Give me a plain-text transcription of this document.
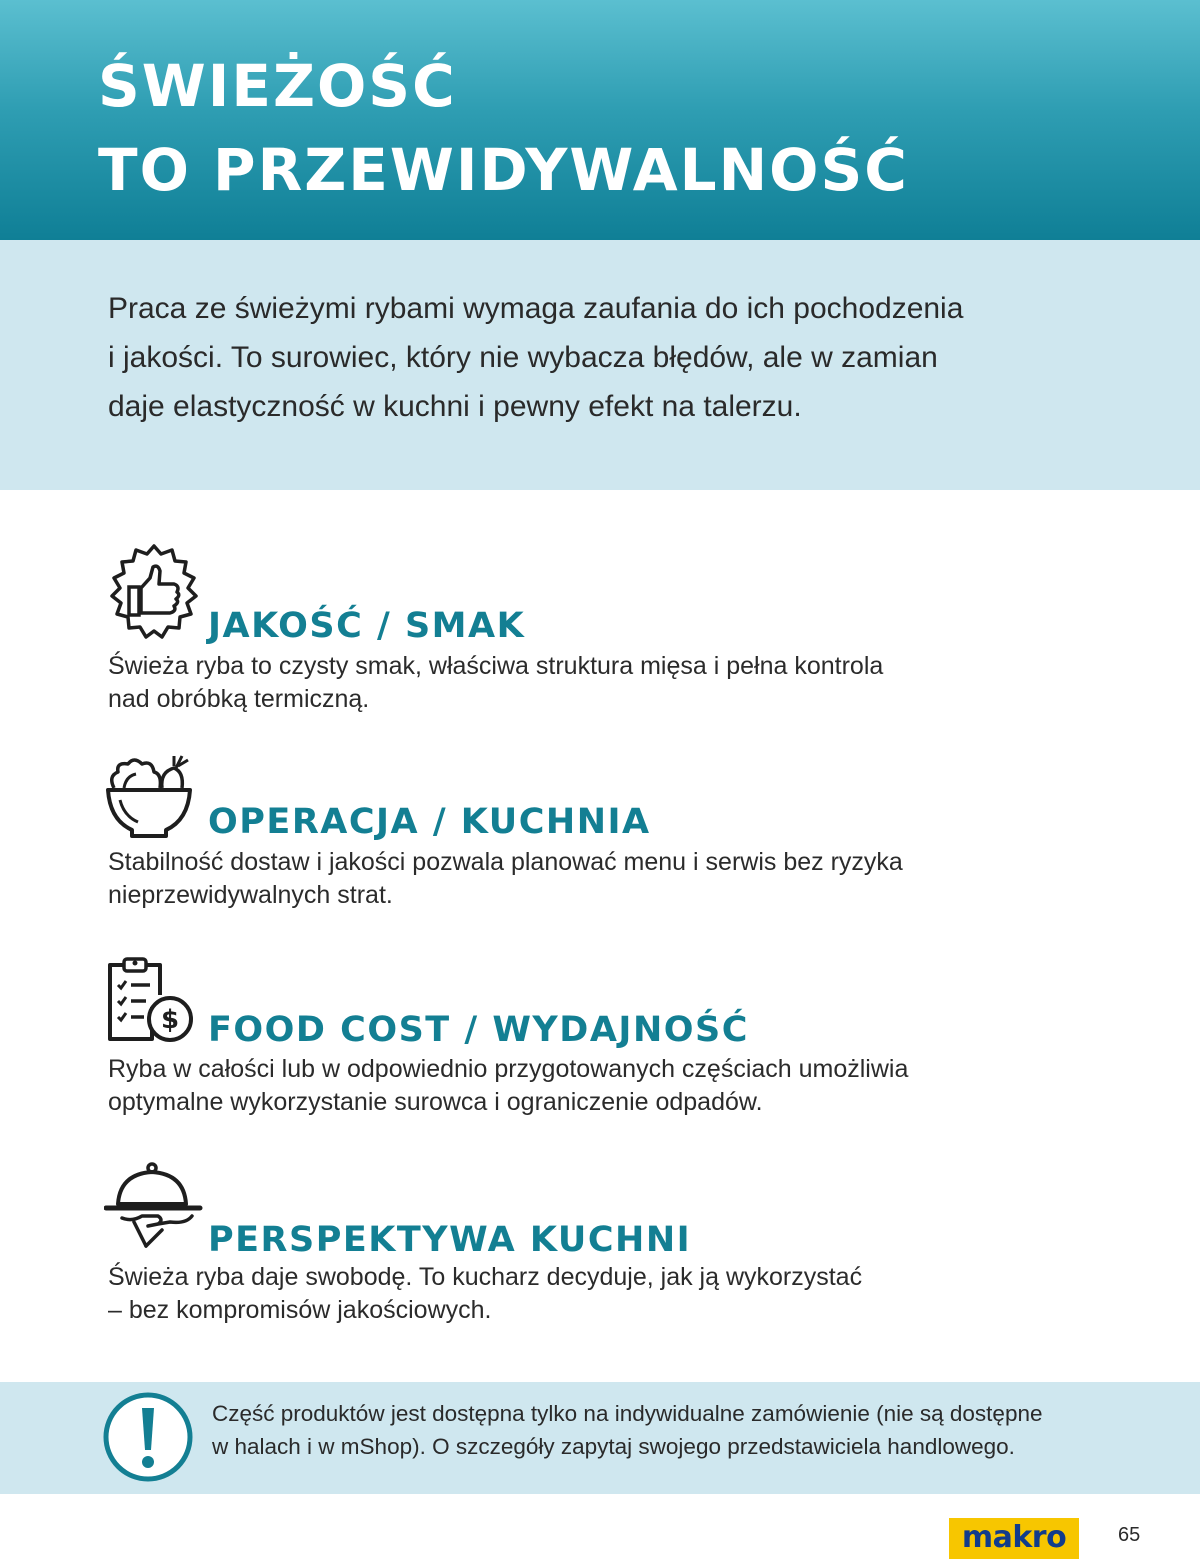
ŚWIEŻOŚĆ
TO PRZEWIDYWALNOŚĆ

Praca ze świeżymi rybami wymaga zaufania do ich pochodzenia
i jakości. To surowiec, który nie wybacza błędów, ale w zamian
daje elastyczność w kuchni i pewny efekt na talerzu.

JAKOŚĆ / SMAK

Świeża ryba to czysty smak, właściwa struktura mięsa i pełna kontrola
nad obróbką termiczną.

OPERACJA / KUCHNIA

Stabilność dostaw i jakości pozwala planować menu i serwis bez ryzyka
nieprzewidywalnych strat.

$ FOOD COST / WYDAJNOŚĆ

Ryba w całości lub w odpowiednio przygotowanych częściach umożliwia
optymalne wykorzystanie surowca i ograniczenie odpadów.

PERSPEKTYWA KUCHNI

Świeża ryba daje swobodę. To kucharz decyduje, jak ją wykorzystać
– bez kompromisów jakościowych.

Część produktów jest dostępna tylko na indywidualne zamówienie (nie są dostępne
w halach i w mShop). O szczegóły zapytaj swojego przedstawiciela handlowego.

makro	65
